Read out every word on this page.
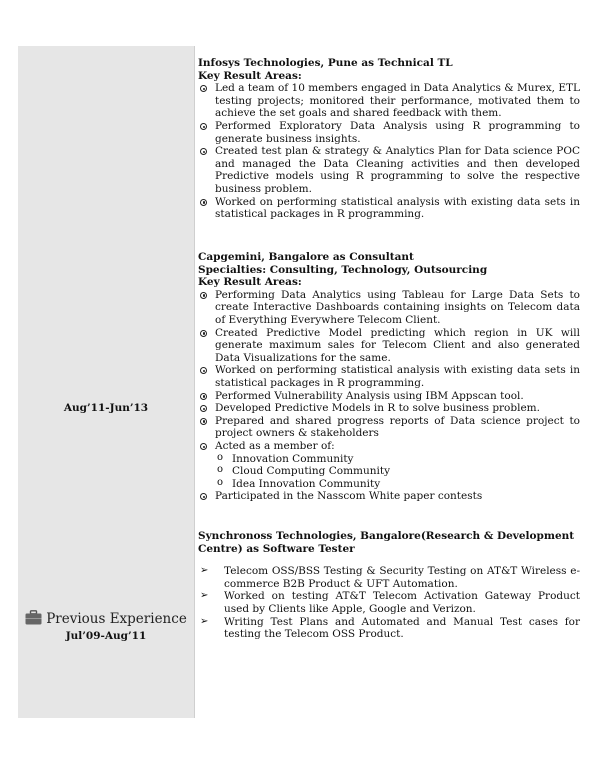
Aug’11-Jun’13
Previous Experience
Jul’09-Aug’11
Infosys Technologies, Pune as Technical TL
Key Result Areas:
Led a team of 10 members engaged in Data Analytics & Murex, ETL testing projects; monitored their performance, motivated them to achieve the set goals and shared feedback with them.
Performed Exploratory Data Analysis using R programming to generate business insights.
Created test plan & strategy & Analytics Plan for Data science POC and managed the Data Cleaning activities and then developed Predictive models using R programming to solve the respective business problem.
Worked on performing statistical analysis with existing data sets in statistical packages in R programming.
Capgemini, Bangalore as Consultant
Specialties: Consulting, Technology, Outsourcing
Key Result Areas:
Performing Data Analytics using Tableau for Large Data Sets to create Interactive Dashboards containing insights on Telecom data of Everything Everywhere Telecom Client.
Created Predictive Model predicting which region in UK will generate maximum sales for Telecom Client and also generated Data Visualizations for the same.
Worked on performing statistical analysis with existing data sets in statistical packages in R programming.
Performed Vulnerability Analysis using IBM Appscan tool.
Developed Predictive Models in R to solve business problem.
Prepared and shared progress reports of Data science project to project owners & stakeholders
Acted as a member of:
o Innovation Community
o Cloud Computing Community
o Idea Innovation Community
Participated in the Nasscom White paper contests
Synchronoss Technologies, Bangalore(Research & Development Centre) as Software Tester
➢ Telecom OSS/BSS Testing & Security Testing on AT&T Wireless e-commerce B2B Product & UFT Automation.
➢ Worked on testing AT&T Telecom Activation Gateway Product used by Clients like Apple, Google and Verizon.
➢ Writing Test Plans and Automated and Manual Test cases for testing the Telecom OSS Product.
